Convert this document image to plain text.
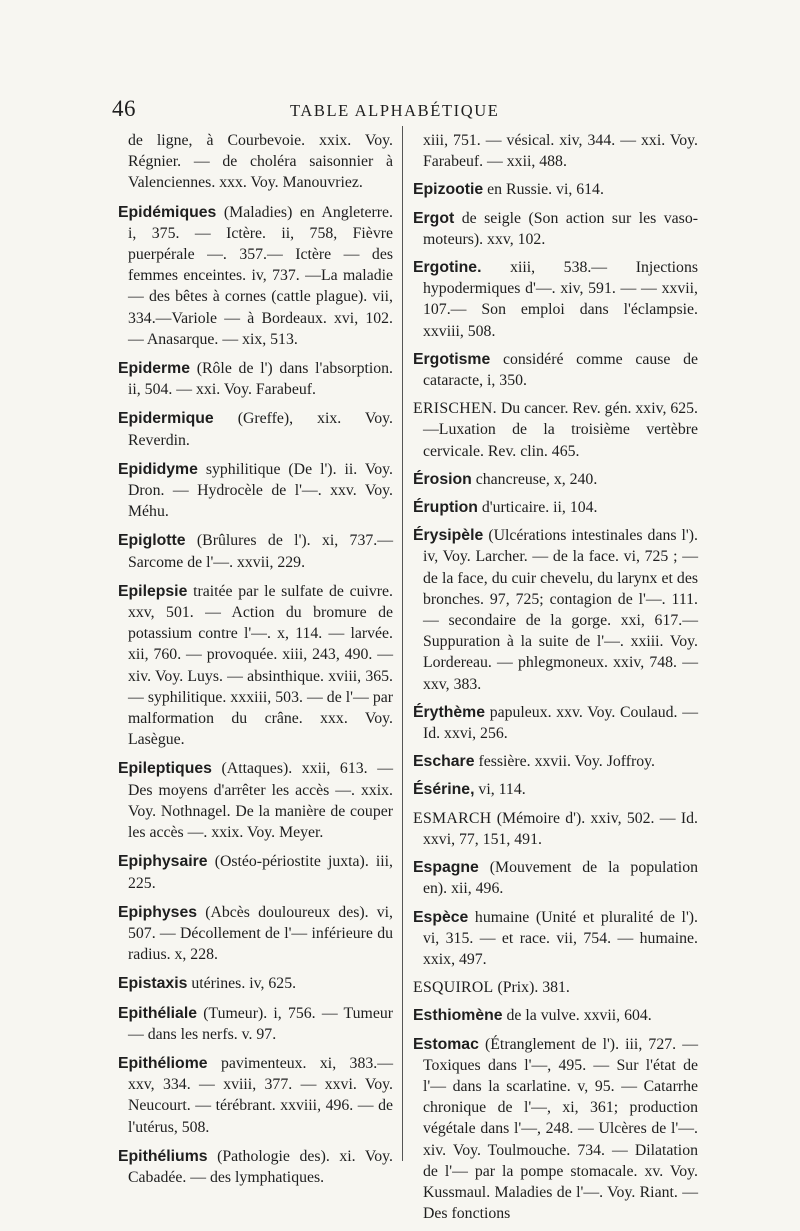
46	TABLE ALPHABÉTIQUE

de ligne, à Courbevoie. xxix. Voy. Régnier. — de choléra saisonnier à Valenciennes. xxx. Voy. Manouvriez.

Epidémiques (Maladies) en Angleterre. i, 375. — Ictère. ii, 758, Fièvre puerpérale —. 357.— Ictère — des femmes enceintes. iv, 737. —La maladie — des bêtes à cornes (cattle plague). vii, 334.—Variole — à Bordeaux. xvi, 102. — Anasarque. — xix, 513.

Epiderme (Rôle de l') dans l'absorption. ii, 504. — xxi. Voy. Farabeuf.

Epidermique (Greffe), xix. Voy. Reverdin.

Epididyme syphilitique (De l'). ii. Voy. Dron. — Hydrocèle de l'—. xxv. Voy. Méhu.

Epiglotte (Brûlures de l'). xi, 737.— Sarcome de l'—. xxvii, 229.

Epilepsie traitée par le sulfate de cuivre. xxv, 501. — Action du bromure de potassium contre l'—. x, 114. — larvée. xii, 760. — provoquée. xiii, 243, 490. — xiv. Voy. Luys. — absinthique. xviii, 365. — syphilitique. xxxiii, 503. — de l'— par malformation du crâne. xxx. Voy. Lasègue.

Epileptiques (Attaques). xxii, 613. — Des moyens d'arrêter les accès —. xxix. Voy. Nothnagel. De la manière de couper les accès —. xxix. Voy. Meyer.

Epiphysaire (Ostéo-périostite juxta). iii, 225.

Epiphyses (Abcès douloureux des). vi, 507. — Décollement de l'— inférieure du radius. x, 228.

Epistaxis utérines. iv, 625.

Epithéliale (Tumeur). i, 756. — Tumeur — dans les nerfs. v. 97.

Epithéliome pavimenteux. xi, 383.— xxv, 334. — xviii, 377. — xxvi. Voy. Neucourt. — térébrant. xxviii, 496. — de l'utérus, 508.

Epithéliums (Pathologie des). xi. Voy. Cabadée. — des lymphatiques.

xiii, 751. — vésical. xiv, 344. — xxi. Voy. Farabeuf. — xxii, 488.

Epizootie en Russie. vi, 614.

Ergot de seigle (Son action sur les vaso-moteurs). xxv, 102.

Ergotine. xiii, 538.— Injections hypodermiques d'—. xiv, 591. — — xxvii, 107.— Son emploi dans l'éclampsie. xxviii, 508.

Ergotisme considéré comme cause de cataracte, i, 350.

ERISCHEN. Du cancer. Rev. gén. xxiv, 625.—Luxation de la troisième vertèbre cervicale. Rev. clin. 465.

Érosion chancreuse, x, 240.

Éruption d'urticaire. ii, 104.

Érysipèle (Ulcérations intestinales dans l'). iv, Voy. Larcher. — de la face. vi, 725 ; — de la face, du cuir chevelu, du larynx et des bronches. 97, 725; contagion de l'—. 111. — secondaire de la gorge. xxi, 617.— Suppuration à la suite de l'—. xxiii. Voy. Lordereau. — phlegmoneux. xxiv, 748. — xxv, 383.

Érythème papuleux. xxv. Voy. Coulaud. — Id. xxvi, 256.

Eschare fessière. xxvii. Voy. Joffroy.

Ésérine, vi, 114.

ESMARCH (Mémoire d'). xxiv, 502. — Id. xxvi, 77, 151, 491.

Espagne (Mouvement de la population en). xii, 496.

Espèce humaine (Unité et pluralité de l'). vi, 315. — et race. vii, 754. — humaine. xxix, 497.

ESQUIROL (Prix). 381.

Esthiomène de la vulve. xxvii, 604.

Estomac (Étranglement de l'). iii, 727. — Toxiques dans l'—, 495. — Sur l'état de l'— dans la scarlatine. v, 95. — Catarrhe chronique de l'—, xi, 361; production végétale dans l'—, 248. — Ulcères de l'—. xiv. Voy. Toulmouche. 734. — Dilatation de l'— par la pompe stomacale. xv. Voy. Kussmaul. Maladies de l'—. Voy. Riant. — Des fonctions
